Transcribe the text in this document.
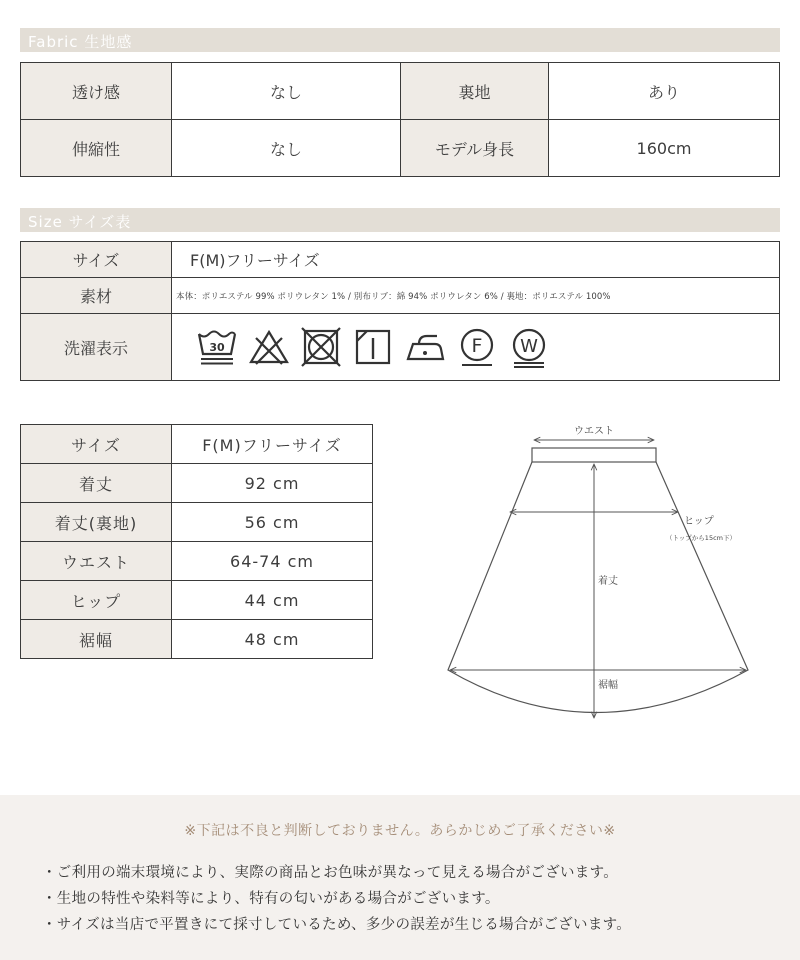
Fabric 生地感
透け感	なし	裏地	あり
伸縮性	なし	モデル身長	160cm
Size サイズ表
サイズ	F(M)フリーサイズ
素材	本体：ポリエステル 99% ポリウレタン 1% / 別布リブ：綿 94% ポリウレタン 6% / 裏地：ポリエステル 100%
洗濯表示	30 F W
サイズ	F(M)フリーサイズ
着丈	92 cm
着丈(裏地)	56 cm
ウエスト	64-74 cm
ヒップ	44 cm
裾幅	48 cm
ウエスト
ヒップ
（トップから15cm下）
着丈
裾幅
※下記は不良と判断しておりません。あらかじめご了承ください※
・ご利用の端末環境により、実際の商品とお色味が異なって見える場合がございます。
・生地の特性や染料等により、特有の匂いがある場合がございます。
・サイズは当店で平置きにて採寸しているため、多少の誤差が生じる場合がございます。
